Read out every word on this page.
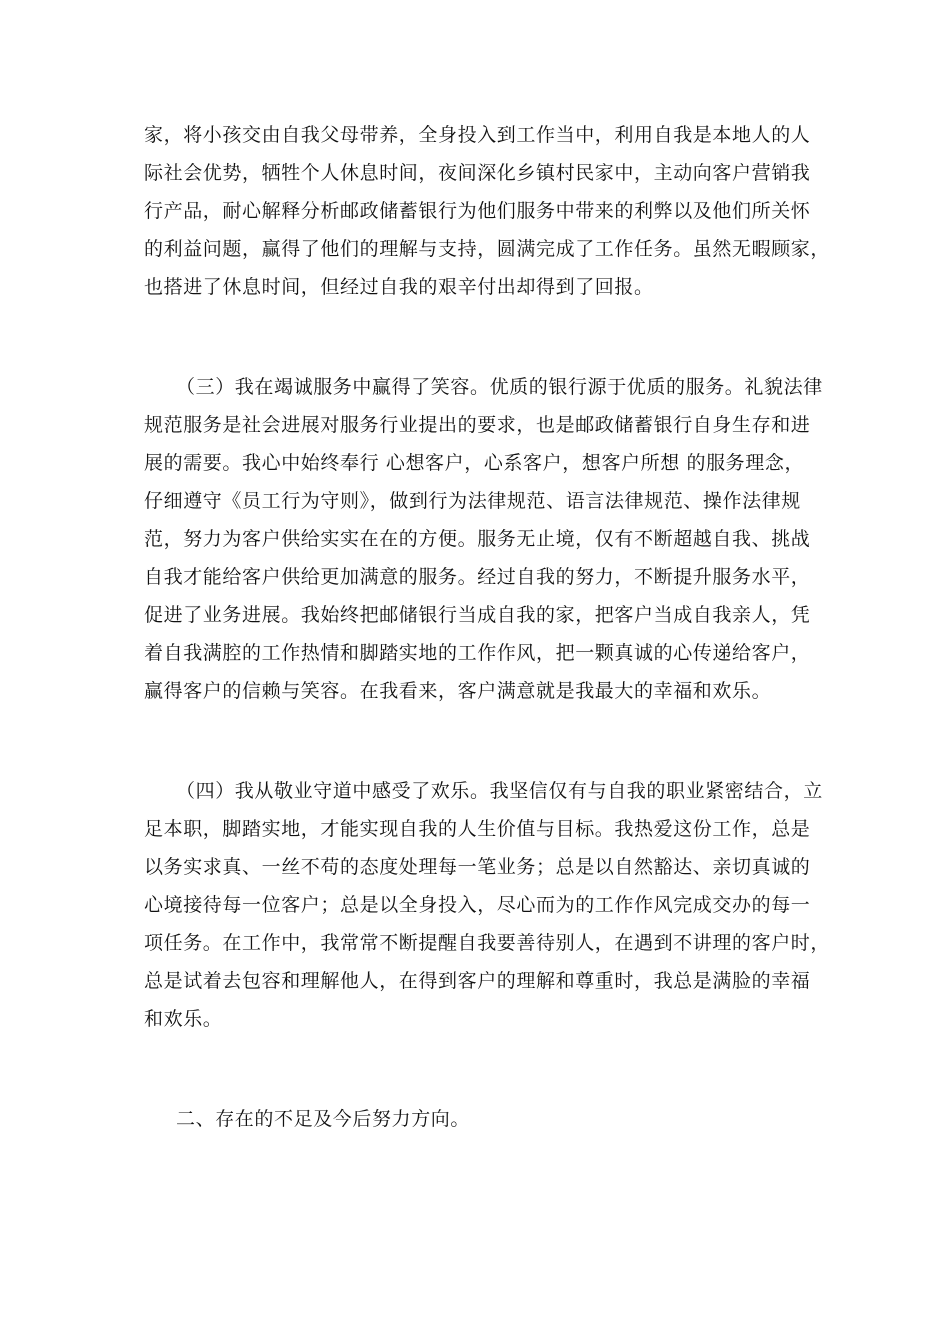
家，将小孩交由自我父母带养，全身投入到工作当中，利用自我是本地人的人
际社会优势，牺牲个人休息时间，夜间深化乡镇村民家中，主动向客户营销我
行产品，耐心解释分析邮政储蓄银行为他们服务中带来的利弊以及他们所关怀
的利益问题，赢得了他们的理解与支持，圆满完成了工作任务。虽然无暇顾家，
也搭进了休息时间，但经过自我的艰辛付出却得到了回报。
（三）我在竭诚服务中赢得了笑容。优质的银行源于优质的服务。礼貌法律
规范服务是社会进展对服务行业提出的要求，也是邮政储蓄银行自身生存和进
展的需要。我心中始终奉行 心想客户，心系客户，想客户所想 的服务理念，
仔细遵守《员工行为守则》，做到行为法律规范、语言法律规范、操作法律规
范，努力为客户供给实实在在的方便。服务无止境，仅有不断超越自我、挑战
自我才能给客户供给更加满意的服务。经过自我的努力，不断提升服务水平，
促进了业务进展。我始终把邮储银行当成自我的家，把客户当成自我亲人，凭
着自我满腔的工作热情和脚踏实地的工作作风，把一颗真诚的心传递给客户，
赢得客户的信赖与笑容。在我看来，客户满意就是我最大的幸福和欢乐。
（四）我从敬业守道中感受了欢乐。我坚信仅有与自我的职业紧密结合，立
足本职，脚踏实地，才能实现自我的人生价值与目标。我热爱这份工作，总是
以务实求真、一丝不苟的态度处理每一笔业务；总是以自然豁达、亲切真诚的
心境接待每一位客户；总是以全身投入，尽心而为的工作作风完成交办的每一
项任务。在工作中，我常常不断提醒自我要善待别人，在遇到不讲理的客户时，
总是试着去包容和理解他人，在得到客户的理解和尊重时，我总是满脸的幸福
和欢乐。
二、存在的不足及今后努力方向。
